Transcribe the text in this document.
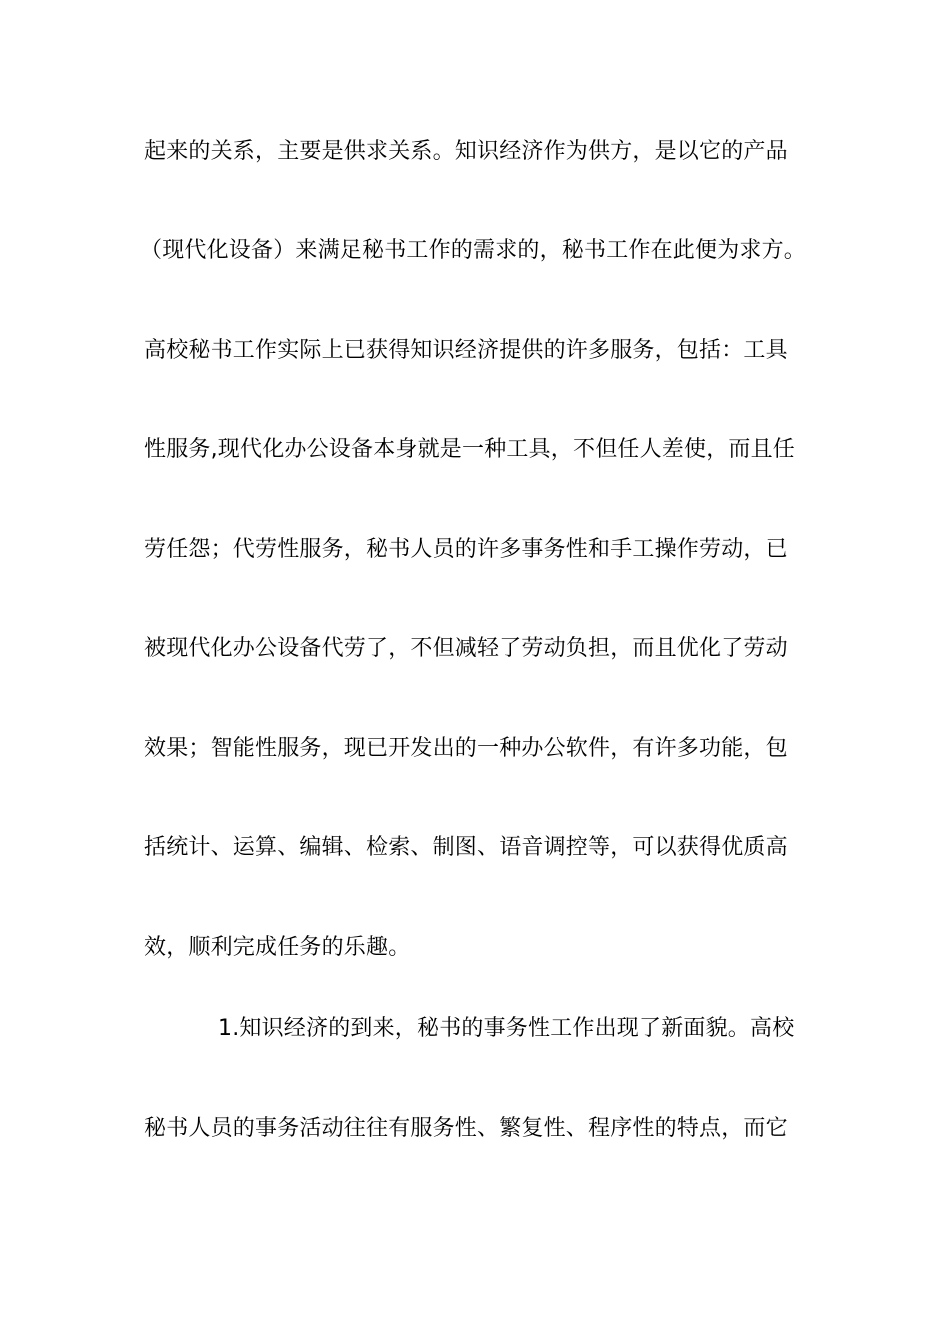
起来的关系，主要是供求关系。知识经济作为供方，是以它的产品
（现代化设备）来满足秘书工作的需求的，秘书工作在此便为求方。
高校秘书工作实际上已获得知识经济提供的许多服务，包括：工具
性服务,现代化办公设备本身就是一种工具，不但任人差使，而且任
劳任怨；代劳性服务，秘书人员的许多事务性和手工操作劳动，已
被现代化办公设备代劳了，不但减轻了劳动负担，而且优化了劳动
效果；智能性服务，现已开发出的一种办公软件，有许多功能，包
括统计、运算、编辑、检索、制图、语音调控等，可以获得优质高
效，顺利完成任务的乐趣。
1.知识经济的到来，秘书的事务性工作出现了新面貌。高校
秘书人员的事务活动往往有服务性、繁复性、程序性的特点，而它
